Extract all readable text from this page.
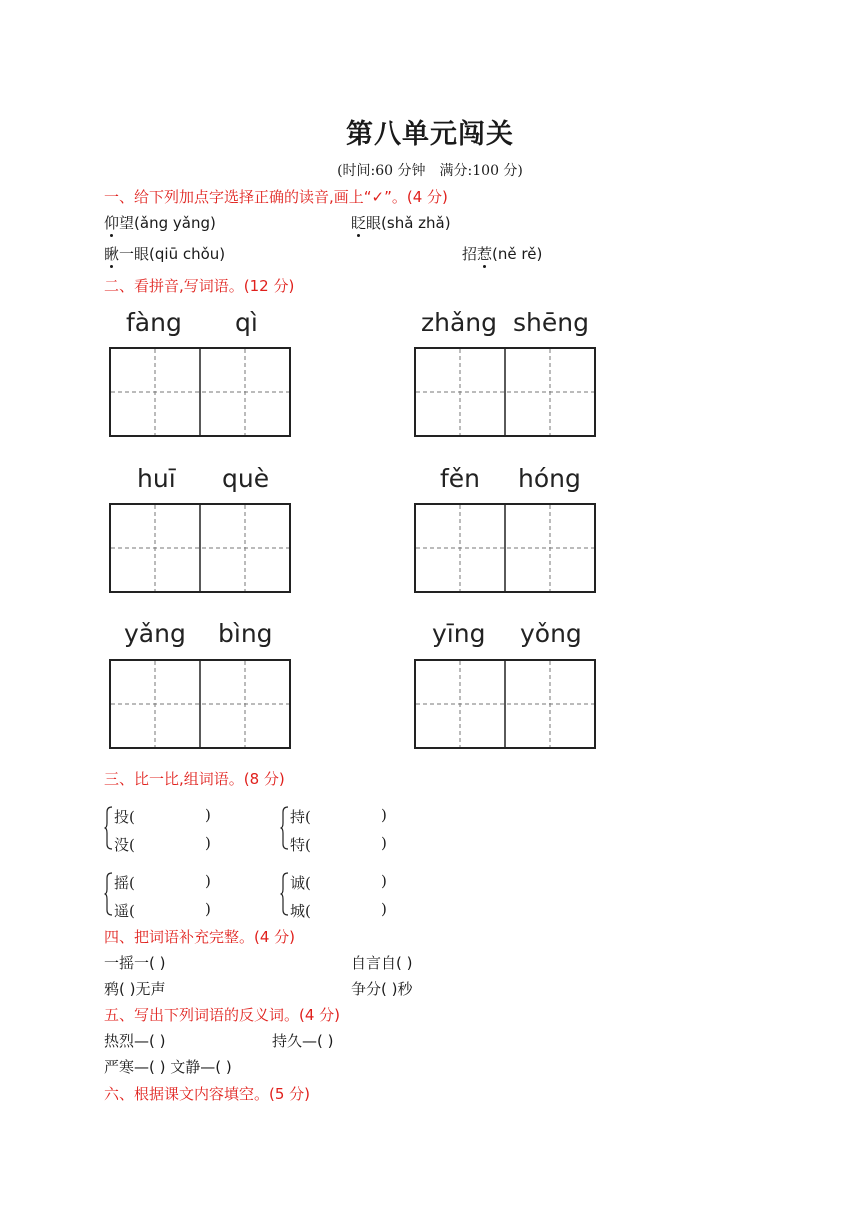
第八单元闯关
(时间:60 分钟 满分:100 分)
一、给下列加点字选择正确的读音,画上“✓”。(4 分)
仰望(ǎng yǎng)	眨眼(shǎ zhǎ)
瞅一眼(qiū chǒu)	招惹(ně rě)
二、看拼音,写词语。(12 分)
fàng qì	zhǎng shēng
huī què	fěn hóng
yǎng bìng	yīng yǒng
三、比一比,组词语。(8 分)
投(	)
没(	)
持(	)
特(	)
摇(	)
遥(	)
诚(	)
城(	)
四、把词语补充完整。(4 分)
一摇一( )	自言自( )
鸦( )无声	争分( )秒
五、写出下列词语的反义词。(4 分)
热烈—( )	持久—( )
严寒—( ) 文静—( )
六、根据课文内容填空。(5 分)
